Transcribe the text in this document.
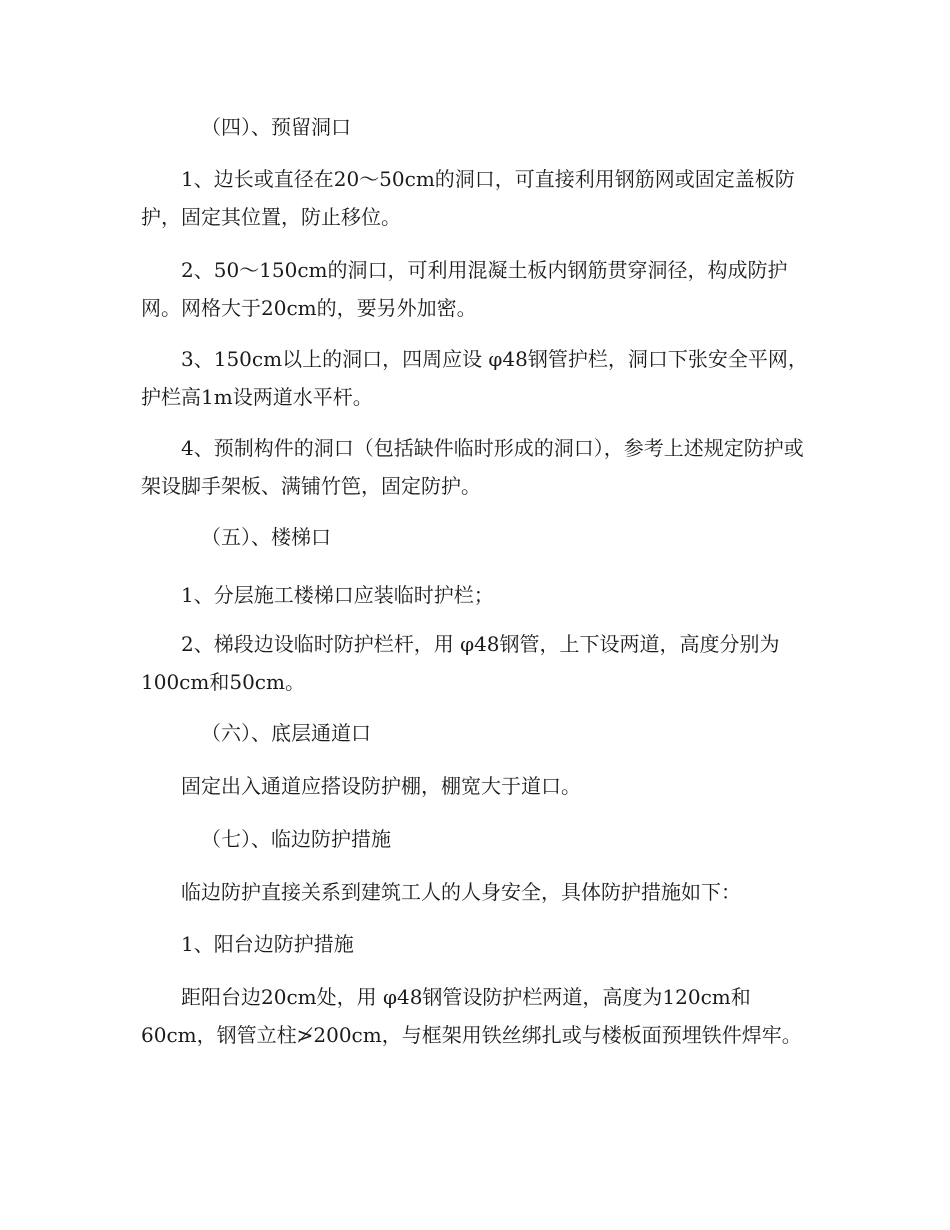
（四）、预留洞口

1、边长或直径在20～50cm的洞口，可直接利用钢筋网或固定盖板防护，固定其位置，防止移位。

2、50～150cm的洞口，可利用混凝土板内钢筋贯穿洞径，构成防护网。网格大于20cm的，要另外加密。

3、150cm以上的洞口，四周应设 φ48钢管护栏，洞口下张安全平网，护栏高1m设两道水平杆。

4、预制构件的洞口（包括缺件临时形成的洞口），参考上述规定防护或架设脚手架板、满铺竹笆，固定防护。

（五）、楼梯口

1、分层施工楼梯口应装临时护栏；

2、梯段边设临时防护栏杆，用 φ48钢管，上下设两道，高度分别为100cm和50cm。

（六）、底层通道口

固定出入通道应搭设防护棚，棚宽大于道口。

（七）、临边防护措施

临边防护直接关系到建筑工人的人身安全，具体防护措施如下：

1、阳台边防护措施

距阳台边20cm处，用 φ48钢管设防护栏两道，高度为120cm和60cm，钢管立柱≯200cm，与框架用铁丝绑扎或与楼板面预埋铁件焊牢。
